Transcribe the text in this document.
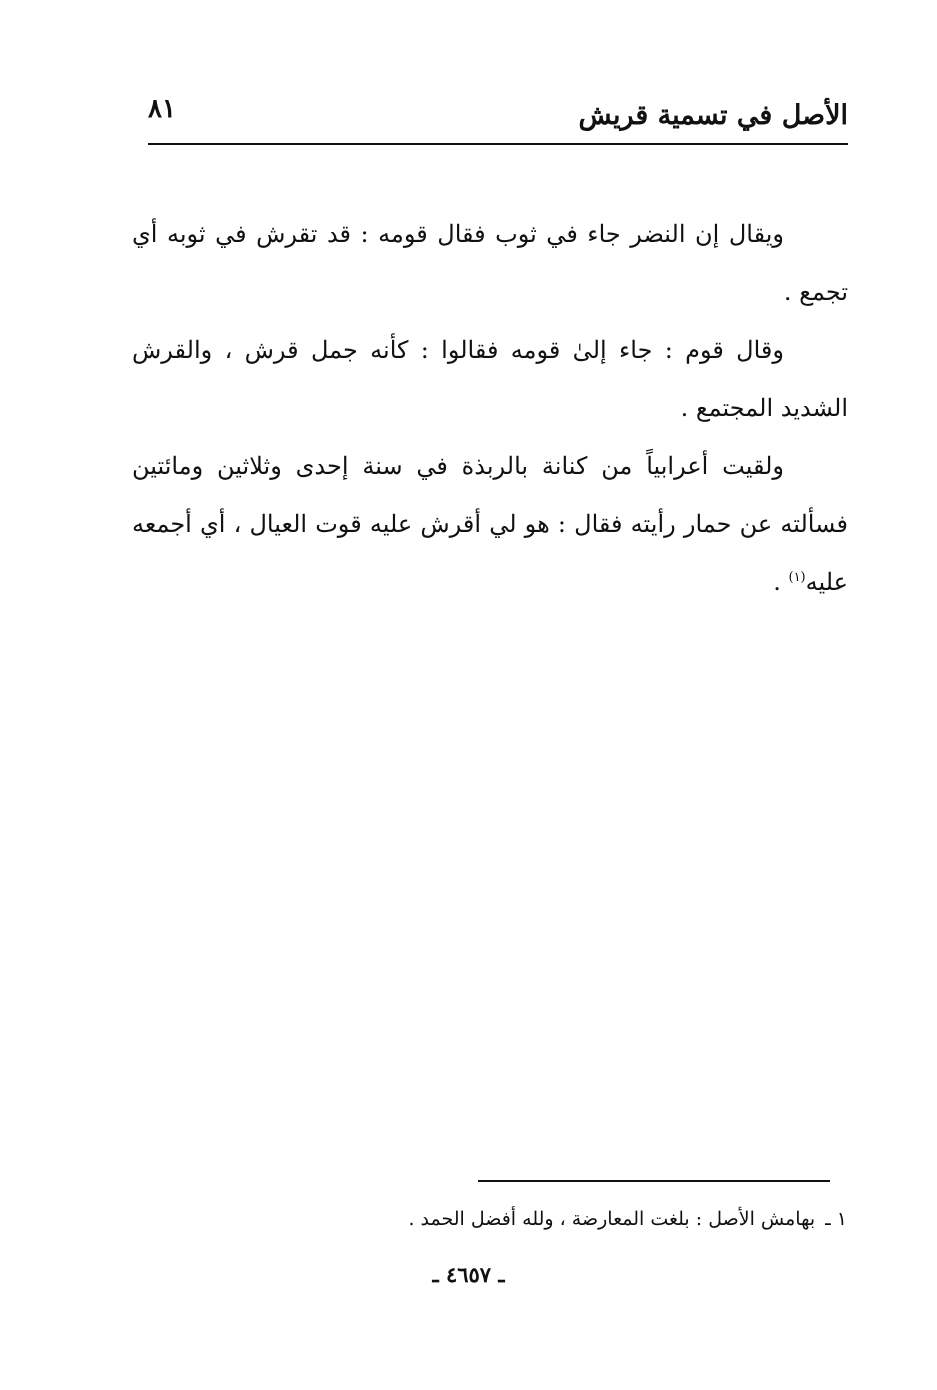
الأصل في تسمية قريش
٨١

ويقال إن النضر جاء في ثوب فقال قومه : قد تقرش في ثوبه أي تجمع .

وقال قوم : جاء إلىٰ قومه فقالوا : كأنه جمل قرش ، والقرش الشديد المجتمع .

ولقيت أعرابياً من كنانة بالربذة في سنة إحدى وثلاثين ومائتين فسألته عن حمار رأيته فقال : هو لي أقرش عليه قوت العيال ، أي أجمعه عليه$^{(١)}$ .

١ ـ بهامش الأصل : بلغت المعارضة ، ولله أفضل الحمد .
ـ ٤٦٥٧ ـ
